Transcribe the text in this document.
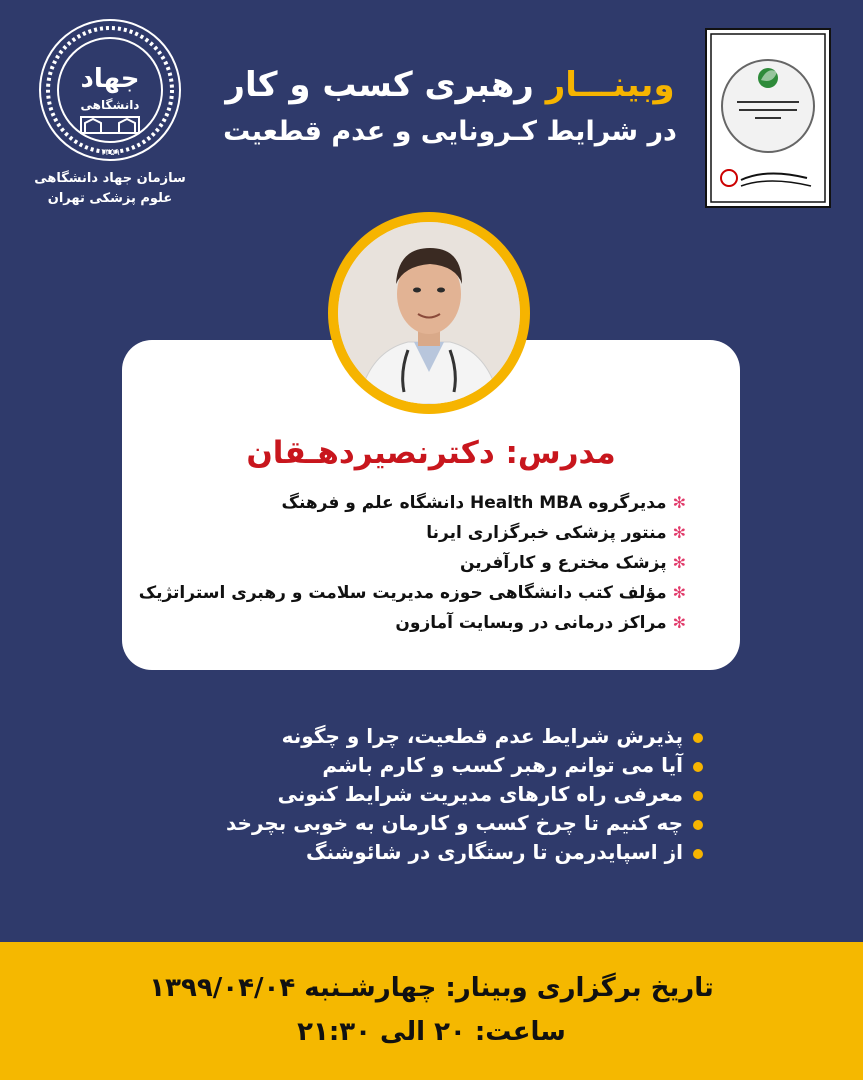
جهاد
دانشگاهی
۱۳۵۹
سازمان جهاد دانشگاهی
علوم پزشکی تهران
وبینـــار رهبری کسب و کار
در شرایط کـرونایی و عدم قطعیت
مدرس: دکترنصیردهـقان
✻مدیرگروه Health MBA دانشگاه علم و فرهنگ
✻منتور پزشکی خبرگزاری ایرنا
✻پزشک مخترع و کارآفرین
✻مؤلف کتب دانشگاهی حوزه مدیریت سلامت و رهبری استراتژیک
✻مراکز درمانی در وبسایت آمازون
پذیرش شرایط عدم قطعیت، چرا و چگونه
آیا می توانم رهبر کسب و کارم باشم
معرفی راه کارهای مدیریت شرایط کنونی
چه کنیم تا چرخ کسب و کارمان به خوبی بچرخد
از اسپایدرمن تا رستگاری در شائوشنگ
تاریخ برگزاری وبینار: چهارشـنبه ۱۳۹۹/۰۴/۰۴
ساعت: ۲۰ الی ۲۱:۳۰
